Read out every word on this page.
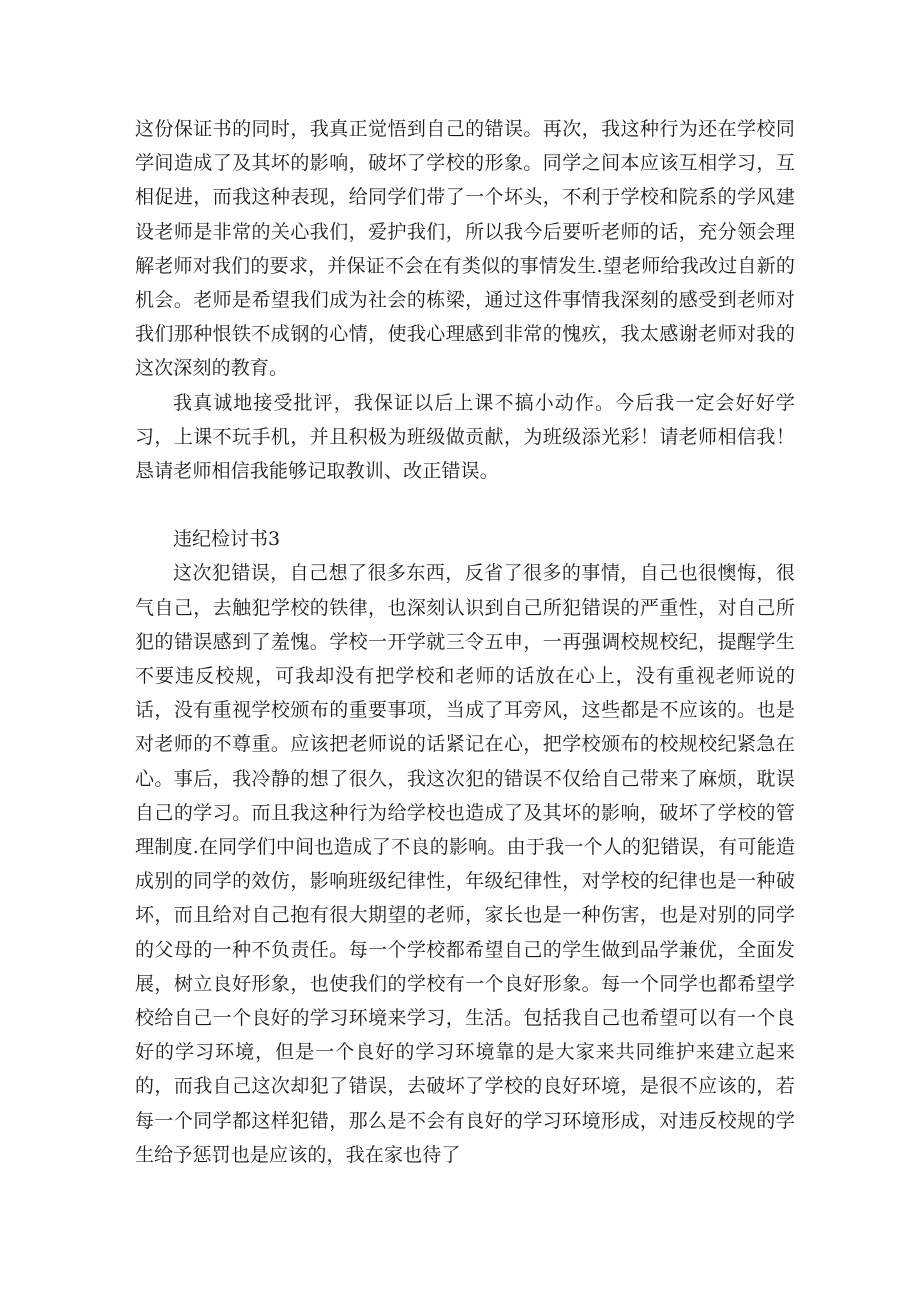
这份保证书的同时，我真正觉悟到自己的错误。再次，我这种行为还在学校同学间造成了及其坏的影响，破坏了学校的形象。同学之间本应该互相学习，互相促进，而我这种表现，给同学们带了一个坏头，不利于学校和院系的学风建设老师是非常的关心我们，爱护我们，所以我今后要听老师的话，充分领会理解老师对我们的要求，并保证不会在有类似的事情发生.望老师给我改过自新的机会。老师是希望我们成为社会的栋梁，通过这件事情我深刻的感受到老师对我们那种恨铁不成钢的心情，使我心理感到非常的愧疚，我太感谢老师对我的这次深刻的教育。

我真诚地接受批评，我保证以后上课不搞小动作。今后我一定会好好学习，上课不玩手机，并且积极为班级做贡献，为班级添光彩！请老师相信我！恳请老师相信我能够记取教训、改正错误。

违纪检讨书3

这次犯错误，自己想了很多东西，反省了很多的事情，自己也很懊悔，很气自己，去触犯学校的铁律，也深刻认识到自己所犯错误的严重性，对自己所犯的错误感到了羞愧。学校一开学就三令五申，一再强调校规校纪，提醒学生不要违反校规，可我却没有把学校和老师的话放在心上，没有重视老师说的话，没有重视学校颁布的重要事项，当成了耳旁风，这些都是不应该的。也是对老师的不尊重。应该把老师说的话紧记在心，把学校颁布的校规校纪紧急在心。事后，我冷静的想了很久，我这次犯的错误不仅给自己带来了麻烦，耽误自己的学习。而且我这种行为给学校也造成了及其坏的影响，破坏了学校的管理制度.在同学们中间也造成了不良的影响。由于我一个人的犯错误，有可能造成别的同学的效仿，影响班级纪律性，年级纪律性，对学校的纪律也是一种破坏，而且给对自己抱有很大期望的老师，家长也是一种伤害，也是对别的同学的父母的一种不负责任。每一个学校都希望自己的学生做到品学兼优，全面发展，树立良好形象，也使我们的学校有一个良好形象。每一个同学也都希望学校给自己一个良好的学习环境来学习，生活。包括我自己也希望可以有一个良好的学习环境，但是一个良好的学习环境靠的是大家来共同维护来建立起来的，而我自己这次却犯了错误，去破坏了学校的良好环境，是很不应该的，若每一个同学都这样犯错，那么是不会有良好的学习环境形成，对违反校规的学生给予惩罚也是应该的，我在家也待了
